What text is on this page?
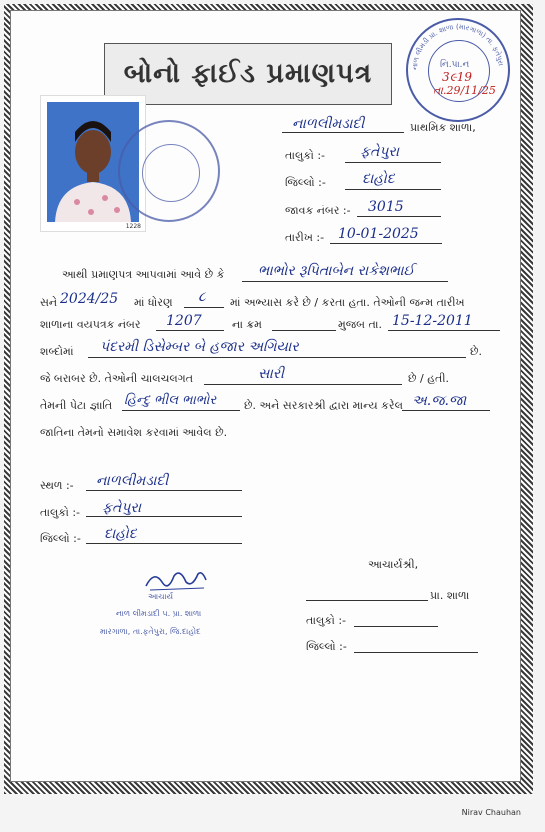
બોનો ફાઈડ પ્રમાણપત્ર	નાળ લીમડી પ્રા. શાળા (મારગાળા) તા. ફતેપુરા
નિ.પા.ન
3૯19
તા.29/11/25
1228
નાળલીમડાદી	પ્રાથમિક શાળા,
તાલુકો :-	ફતેપુરા
જિલ્લો :-	દાહોદ
જાવક નંબર :- 3015
તારીખ :- 10-01-2025
આથી પ્રમાણપત્ર આપવામાં આવે છે કે ભાભોર રૂપિતાબેન રાકેશભાઈ
સને 2024/25 માં ધોરણ ૮ માં અભ્યાસ કરે છે / કરતા હતા. તેઓની જન્મ તારીખ
શાળાના વયપત્રક નંબર 1207	ના ક્રમ	મુજબ તા. 15-12-2011
શબ્દોમાં પંદરમી ડિસેમ્બર બે હજાર અગિયાર	છે.
જે બરાબર છે. તેઓની ચાલચલગત	સારી	છે / હતી.
તેમની પેટા જ્ઞાતિ હિન્દુ ભીલ ભાભોર	છે. અને સરકારશ્રી દ્વારા માન્ય કરેલ અ.જ.જા
જાતિના તેમનો સમાવેશ કરવામાં આવેલ છે.
સ્થળ :- નાળલીમડાદી
તાલુકો :- ફતેપુરા
જિલ્લો :- દાહોદ
આચાર્ય
નાળ લીમડાદી ૫. પ્રા. શાળા
મારગાળા, તા.ફતેપુરા, જિ.દાહોદ
આચાર્યશ્રી,
પ્રા. શાળા
તાલુકો :-
જિલ્લો :-
Nirav Chauhan
